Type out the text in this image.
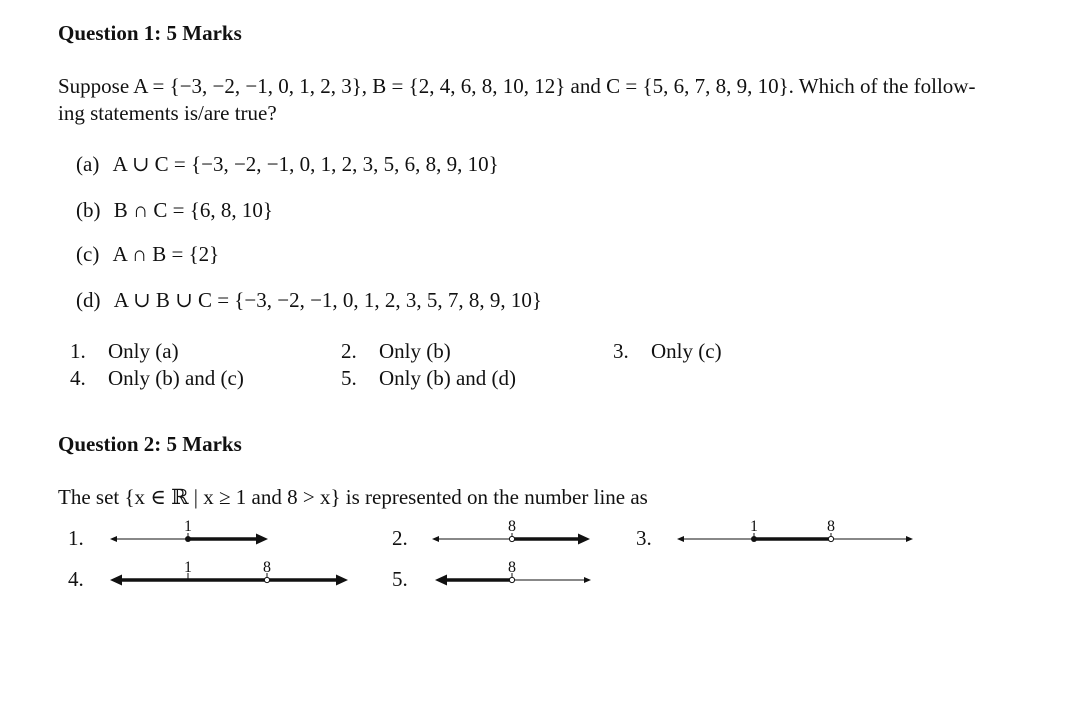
Question 1: 5 Marks
Suppose A = {−3, −2, −1, 0, 1, 2, 3}, B = {2, 4, 6, 8, 10, 12} and C = {5, 6, 7, 8, 9, 10}. Which of the follow-
ing statements is/are true?
(a) A ∪ C = {−3, −2, −1, 0, 1, 2, 3, 5, 6, 8, 9, 10}
(b) B ∩ C = {6, 8, 10}
(c) A ∩ B = {2}
(d) A ∪ B ∪ C = {−3, −2, −1, 0, 1, 2, 3, 5, 7, 8, 9, 10}
1. Only (a)	2. Only (b)	3. Only (c)
4. Only (b) and (c)	5. Only (b) and (d)
Question 2: 5 Marks
The set {x ∈ ℝ | x ≥ 1 and 8 > x} is represented on the number line as
1.	1	2.	8	3.	1	8
4.	1	8	5.	8
